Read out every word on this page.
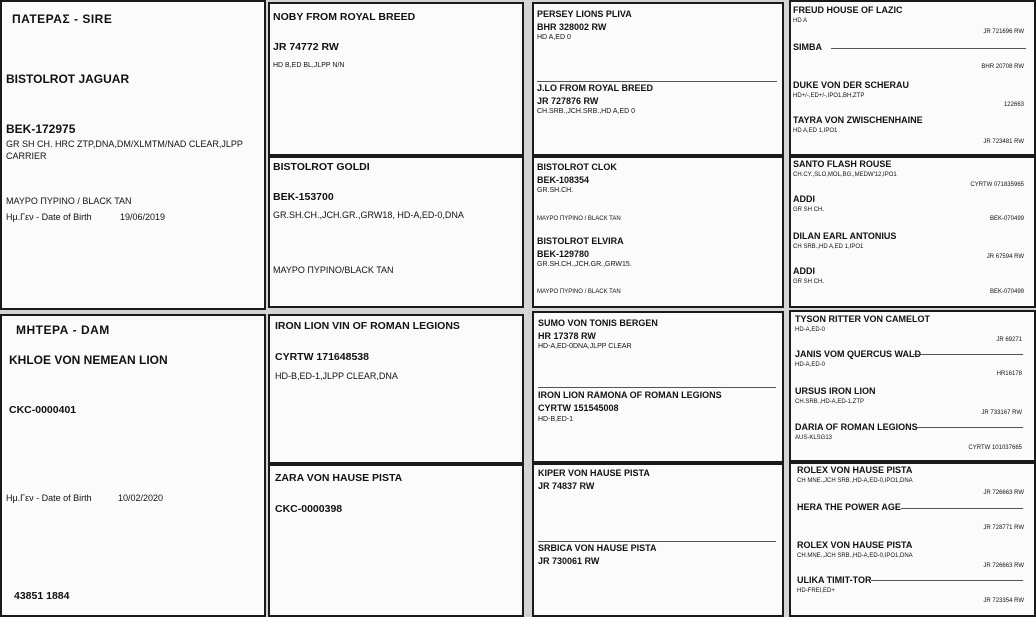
ΠΑΤΕΡΑΣ - SIRE
BISTOLROT JAGUAR
BEK-172975
GR SH CH. HRC ZTP,DNA,DM/XLMTM/NAD CLEAR,JLPP
CARRIER
ΜΑΥΡΟ ΠΥΡΙΝΟ / BLACK TAN
Ημ.Γεν - Date of Birth	19/06/2019
ΜΗΤΕΡΑ - DAM
KHLOE VON NEMEAN LION
CKC-0000401
Ημ.Γεν - Date of Birth	10/02/2020
43851 1884
NOBY FROM ROYAL BREED
JR 74772 RW
HD B,ED BL,JLPP N/N
BISTOLROT GOLDI
BEK-153700
GR.SH.CH.,JCH.GR.,GRW18, HD-A,ED-0,DNA
ΜΑΥΡΟ ΠΥΡΙΝΟ/BLACK TAN
IRON LION VIN OF ROMAN LEGIONS
CYRTW 171648538
HD-B,ED-1,JLPP CLEAR,DNA
ZARA VON HAUSE PISTA
CKC-0000398
PERSEY LIONS PLIVA
BHR 328002 RW
HD A,ED 0
J.LO FROM ROYAL BREED
JR 727876 RW
CH.SRB.,JCH.SRB.,HD A,ED 0
BISTOLROT CLOK
BEK-108354
GR.SH.CH.
ΜΑΥΡΟ ΠΥΡΙΝΟ / BLACK TAN
BISTOLROT ELVIRA
BEK-129780
GR.SH.CH.,JCH.GR.,GRW15.
ΜΑΥΡΟ ΠΥΡΙΝΟ / BLACK TAN
SUMO VON TONIS BERGEN
HR 17378 RW
HD-A,ED-0DNA,JLPP CLEAR
IRON LION RAMONA OF ROMAN LEGIONS
CYRTW 151545008
HD-B,ED-1
KIPER VON HAUSE PISTA
JR 74837 RW
SRBICA VON HAUSE PISTA
JR 730061 RW
FREUD HOUSE OF LAZIC
HD A
JR 721696 RW
SIMBA
BHR 20708 RW
DUKE VON DER SCHERAU
HD+/-,ED+/-,IPO1,BH,ZTP
122663
TAYRA VON ZWISCHENHAINE
HD A,ED 1,IPO1
JR 723481 RW
SANTO FLASH ROUSE
CH.CY.,SLO,MOL,BG.,MEDW'12,IPO1
CYRTW 071835965
ADDI
GR SH CH.
BEK-070499
DILAN EARL ANTONIUS
CH SRB.,HD A,ED 1,IPO1
JR 67594 RW
ADDI
GR SH CH.
BEK-070499
TYSON RITTER VON CAMELOT
HD-A,ED-0
JR 69271
JANIS VOM QUERCUS WALD
HD-A,ED-0
HR16178
URSUS IRON LION
CH.SRB.,HD-A,ED-1,ZTP
JR 733167 RW
DARIA OF ROMAN LEGIONS
AUS-KLSG13
CYRTW 101037665
ROLEX VON HAUSE PISTA
CH MNE.,JCH SRB.,HD-A,ED-0,IPO1,DNA
JR 726663 RW
HERA THE POWER AGE
JR 728771 RW
ROLEX VON HAUSE PISTA
CH.MNE.,JCH SRB.,HD-A,ED-0,IPO1,DNA
JR 726663 RW
ULIKA TIMIT-TOR
HD-FREI,ED+
JR 723354 RW
